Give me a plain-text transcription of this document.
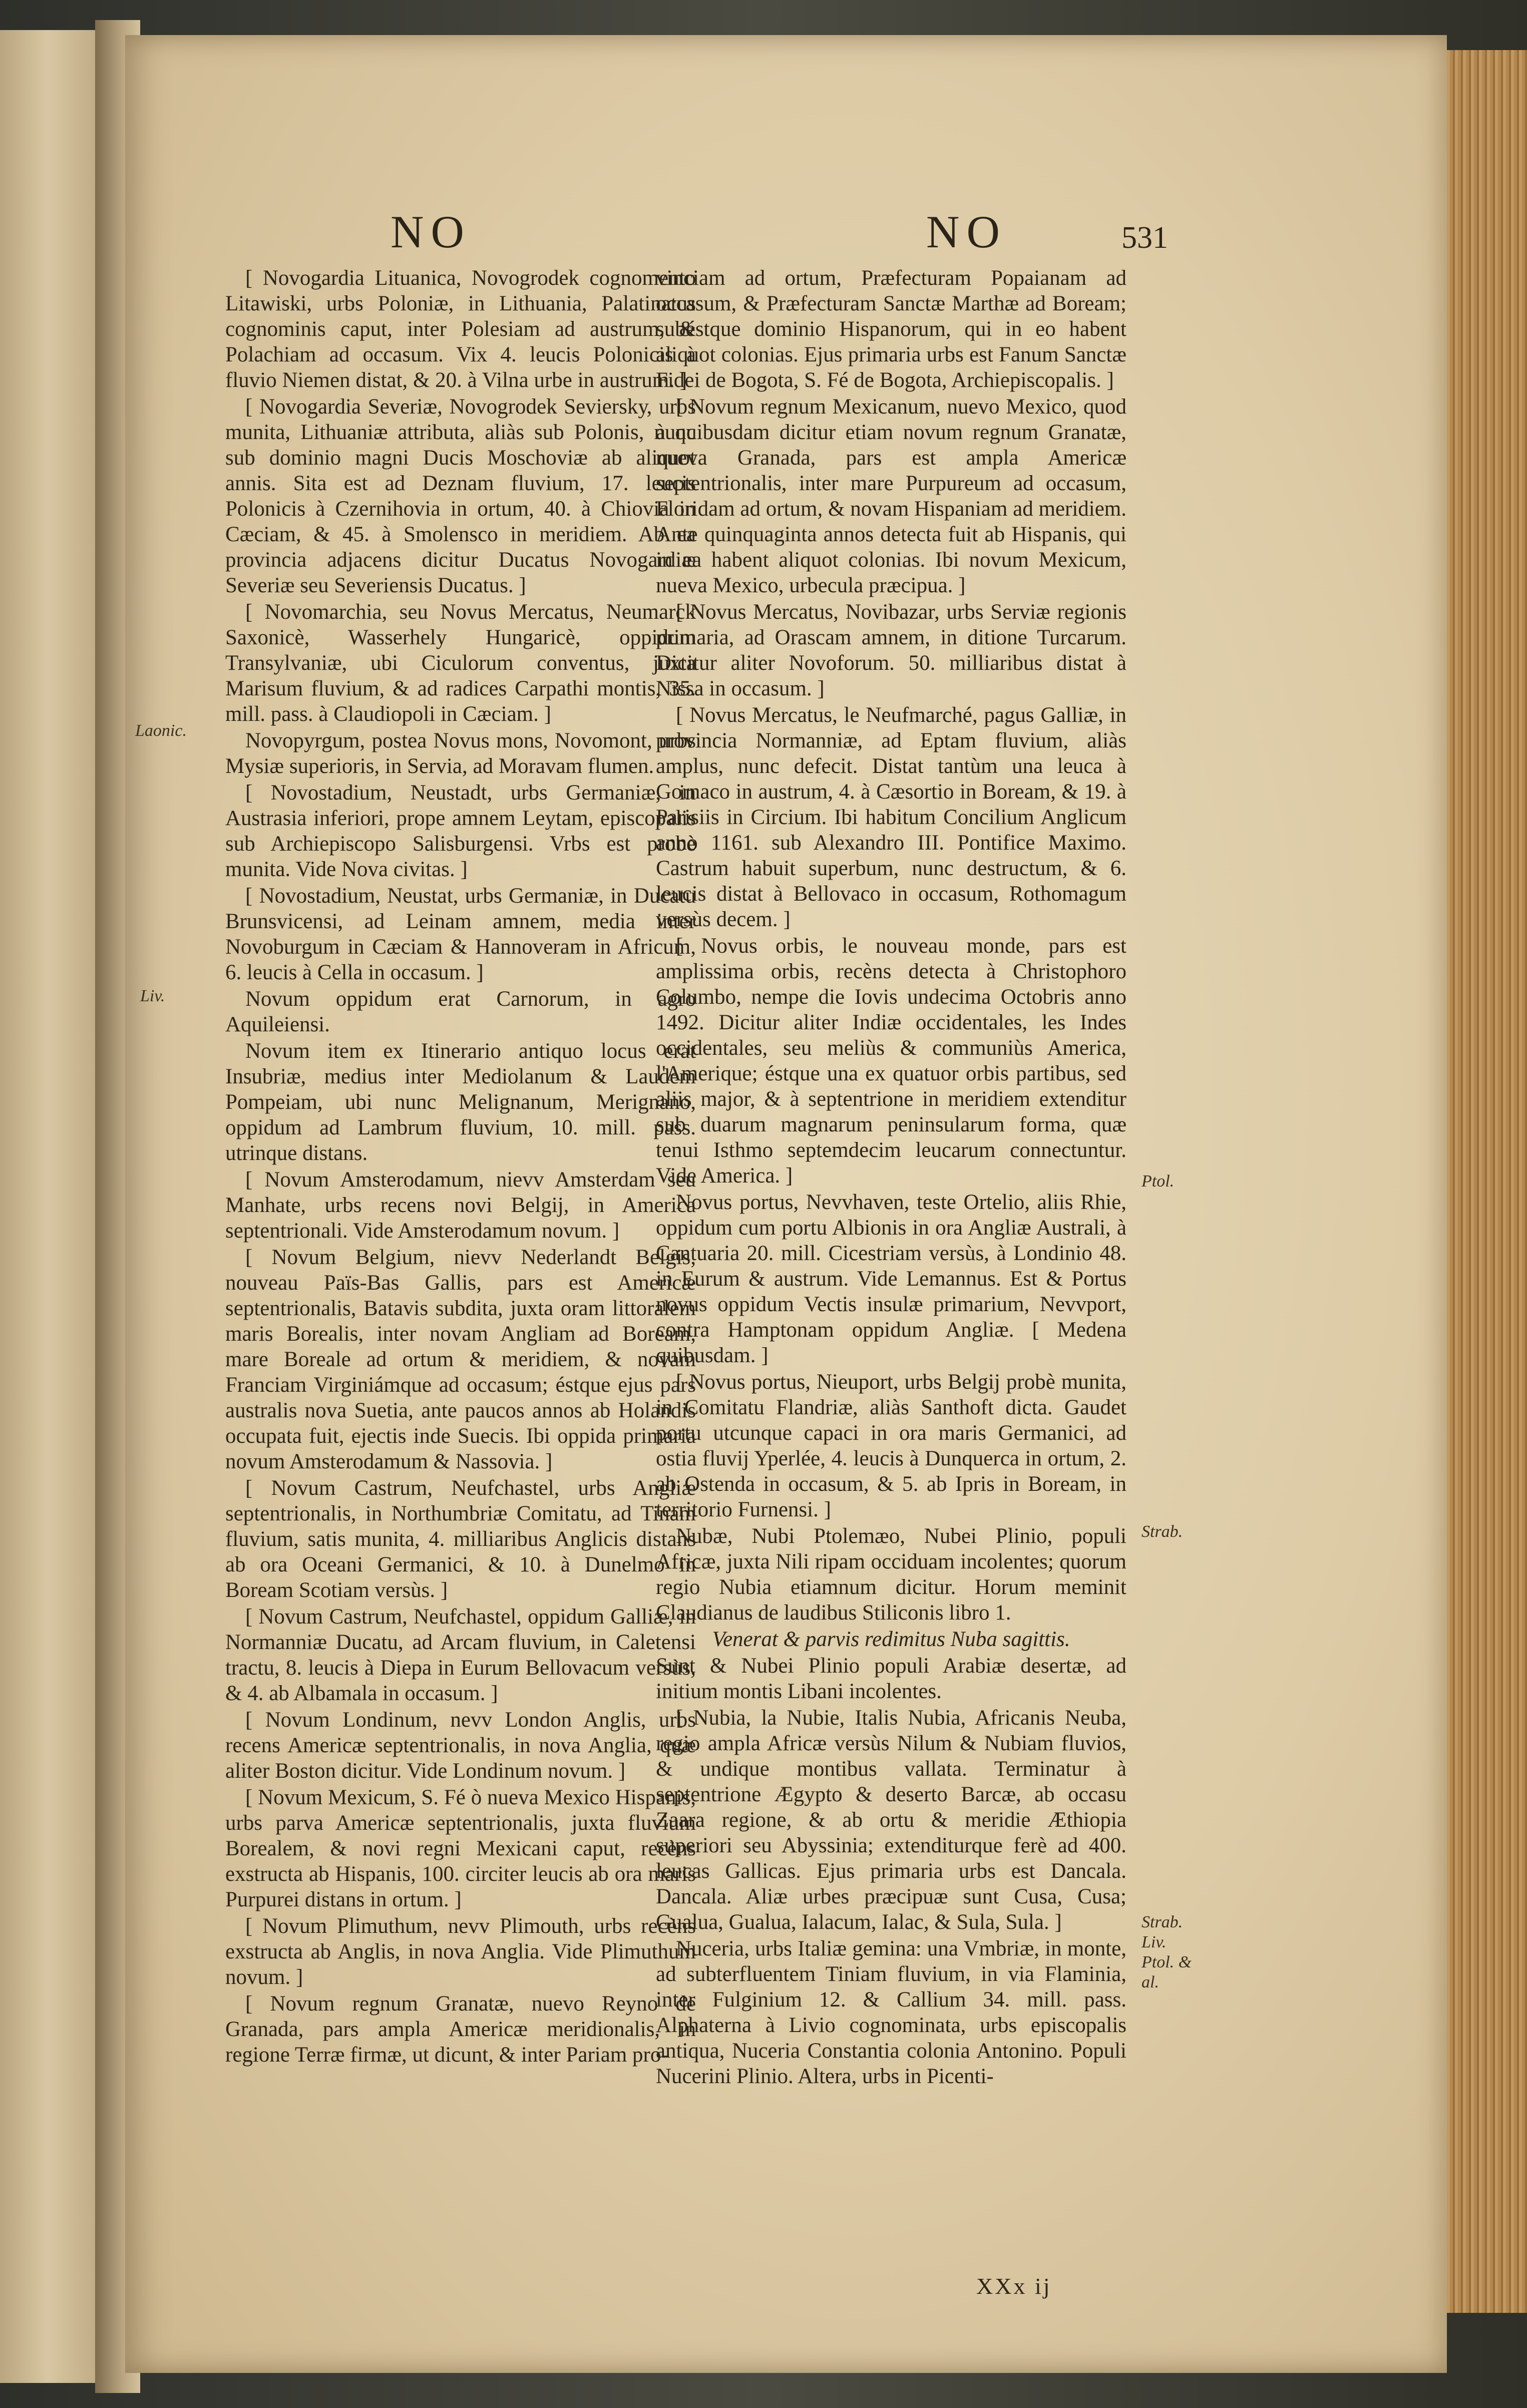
NO	NO	531

[ Novogardia Lituanica, Novogrodek cognomento Litawiski, urbs Poloniæ, in Lithuania, Palatinatus cognominis caput, inter Polesiam ad austrum, & Polachiam ad occasum. Vix 4. leucis Polonicis à fluvio Niemen distat, & 20. à Vilna urbe in austrum. ]

[ Novogardia Severiæ, Novogrodek Sevierskу, urbs munita, Lithuaniæ attributa, aliàs sub Polonis, nunc sub dominio magni Ducis Moschoviæ ab aliquot annis. Sita est ad Deznam fluvium, 17. leucis Polonicis à Czernihovia in ortum, 40. à Chiovia in Cæciam, & 45. à Smolensco in meridiem. Ab ea provincia adjacens dicitur Ducatus Novogardiæ Severiæ seu Severiensis Ducatus. ]

[ Novomarchia, seu Novus Mercatus, Neumarck Saxonicè, Wasserhely Hungaricè, oppidum Transylvaniæ, ubi Ciculorum conventus, juxta Marisum fluvium, & ad radices Carpathi montis, 35. mill. pass. à Claudiopoli in Cæciam. ]

Novopyrgum, postea Novus mons, Novomont, urbs Mysiæ superioris, in Servia, ad Moravam flumen.

[ Novostadium, Neustadt, urbs Germaniæ, in Austrasia inferiori, prope amnem Leytam, episcopalis sub Archiepiscopo Salisburgensi. Vrbs est probè munita. Vide Nova civitas. ]

[ Novostadium, Neustat, urbs Germaniæ, in Ducatu Brunsvicensi, ad Leinam amnem, media inter Novoburgum in Cæciam & Hannoveram in Africum, 6. leucis à Cella in occasum. ]

Novum oppidum erat Carnorum, in agro Aquileiensi.

Novum item ex Itinerario antiquo locus erat Insubriæ, medius inter Mediolanum & Laudem Pompeiam, ubi nunc Melignanum, Merignano, oppidum ad Lambrum fluvium, 10. mill. pass. utrinque distans.

[ Novum Amsterodamum, nievv Amsterdam seu Manhate, urbs recens novi Belgij, in America septentrionali. Vide Amsterodamum novum. ]

[ Novum Belgium, nievv Nederlandt Belgis, nouveau Païs-Bas Gallis, pars est Americæ septentrionalis, Batavis subdita, juxta oram littoralem maris Borealis, inter novam Angliam ad Boream, mare Boreale ad ortum & meridiem, & novam Franciam Virginiámque ad occasum; éstque ejus pars australis nova Suetia, ante paucos annos ab Holandis occupata fuit, ejectis inde Suecis. Ibi oppida primaria novum Amsterodamum & Nassovia. ]

[ Novum Castrum, Neufchastel, urbs Angliæ septentrionalis, in Northumbriæ Comitatu, ad Tinam fluvium, satis munita, 4. milliaribus Anglicis distans ab ora Oceani Germanici, & 10. à Dunelmo in Boream Scotiam versùs. ]

[ Novum Castrum, Neufchastel, oppidum Galliæ, in Normanniæ Ducatu, ad Arcam fluvium, in Caletensi tractu, 8. leucis à Diepa in Eurum Bellovacum versùs, & 4. ab Albamala in occasum. ]

[ Novum Londinum, nevv London Anglis, urbs recens Americæ septentrionalis, in nova Anglia, quæ aliter Boston dicitur. Vide Londinum novum. ]

[ Novum Mexicum, S. Fé ò nueva Mexico Hispanis, urbs parva Americæ septentrionalis, juxta fluvium Borealem, & novi regni Mexicani caput, recèns exstructa ab Hispanis, 100. circiter leucis ab ora maris Purpurei distans in ortum. ]

[ Novum Plimuthum, nevv Plimouth, urbs recèns exstructa ab Anglis, in nova Anglia. Vide Plimuthum novum. ]

[ Novum regnum Granatæ, nuevo Reyno de Granada, pars ampla Americæ meridionalis, in regione Terræ firmæ, ut dicunt, & inter Pariam pro-

vinciam ad ortum, Præfecturam Popaianam ad occasum, & Præfecturam Sanctæ Marthæ ad Boream; subéstque dominio Hispanorum, qui in eo habent aliquot colonias. Ejus primaria urbs est Fanum Sanctæ Fidei de Bogota, S. Fé de Bogota, Archiepiscopalis. ]

[ Novum regnum Mexicanum, nuevo Mexico, quod à quibusdam dicitur etiam novum regnum Granatæ, nueva Granada, pars est ampla Americæ septentrionalis, inter mare Purpureum ad occasum, Floridam ad ortum, & novam Hispaniam ad meridiem. Ante quinquaginta annos detecta fuit ab Hispanis, qui in ea habent aliquot colonias. Ibi novum Mexicum, nueva Mexico, urbecula præcipua. ]

[ Novus Mercatus, Novibazar, urbs Serviæ regionis primaria, ad Orascam amnem, in ditione Turcarum. Dicitur aliter Novoforum. 50. milliaribus distat à Nissa in occasum. ]

[ Novus Mercatus, le Neufmarché, pagus Galliæ, in provincia Normanniæ, ad Eptam fluvium, aliàs amplus, nunc defecit. Distat tantùm una leuca à Gornaco in austrum, 4. à Cæsortio in Boream, & 19. à Parisiis in Circium. Ibi habitum Concilium Anglicum anno 1161. sub Alexandro III. Pontifice Maximo. Castrum habuit superbum, nunc destructum, & 6. leucis distat à Bellovaco in occasum, Rothomagum versùs decem. ]

[ Novus orbis, le nouveau monde, pars est amplissima orbis, recèns detecta à Christophoro Columbo, nempe die Iovis undecima Octobris anno 1492. Dicitur aliter Indiæ occidentales, les Indes occidentales, seu meliùs & communiùs America, l'Amerique; éstque una ex quatuor orbis partibus, sed aliis major, & à septentrione in meridiem extenditur sub duarum magnarum peninsularum forma, quæ tenui Isthmo septemdecim leucarum connectuntur. Vide America. ]

Novus portus, Nevvhaven, teste Ortelio, aliis Rhie, oppidum cum portu Albionis in ora Angliæ Australi, à Cantuaria 20. mill. Cicestriam versùs, à Londinio 48. in Eurum & austrum. Vide Lemannus. Est & Portus novus oppidum Vectis insulæ primarium, Nevvport, contra Hamptonam oppidum Angliæ. [ Medena quibusdam. ]

[ Novus portus, Nieuport, urbs Belgij probè munita, in Comitatu Flandriæ, aliàs Santhoft dicta. Gaudet portu utcunque capaci in ora maris Germanici, ad ostia fluvij Yperlée, 4. leucis à Dunquerca in ortum, 2. ab Ostenda in occasum, & 5. ab Ipris in Boream, in territorio Furnensi. ]

Nubæ, Nubi Ptolemæo, Nubei Plinio, populi Africæ, juxta Nili ripam occiduam incolentes; quorum regio Nubia etiamnum dicitur. Horum meminit Claudianus de laudibus Stiliconis libro 1.

Venerat & parvis redimitus Nuba sagittis.

Sunt & Nubei Plinio populi Arabiæ desertæ, ad initium montis Libani incolentes.

[ Nubia, la Nubie, Italis Nubia, Africanis Neuba, regio ampla Africæ versùs Nilum & Nubiam fluvios, & undique montibus vallata. Terminatur à septentrione Ægypto & deserto Barcæ, ab occasu Zaara regione, & ab ortu & meridie Æthiopia superiori seu Abyssinia; extenditurque ferè ad 400. leucas Gallicas. Ejus primaria urbs est Dancala. Dancala. Aliæ urbes præcipuæ sunt Cusa, Cusa; Gualua, Gualua, Ialacum, Ialac, & Sula, Sula. ]

Nuceria, urbs Italiæ gemina: una Vmbriæ, in monte, ad subterfluentem Tiniam fluvium, in via Flaminia, inter Fulginium 12. & Callium 34. mill. pass. Alphaterna à Livio cognominata, urbs episcopalis antiqua, Nuceria Constantia colonia Antonino. Populi Nucerini Plinio. Altera, urbs in Picenti-

Laonic.
Liv.
Ptol.
Strab.
Strab. Liv. Ptol. & al.
XXx ij
